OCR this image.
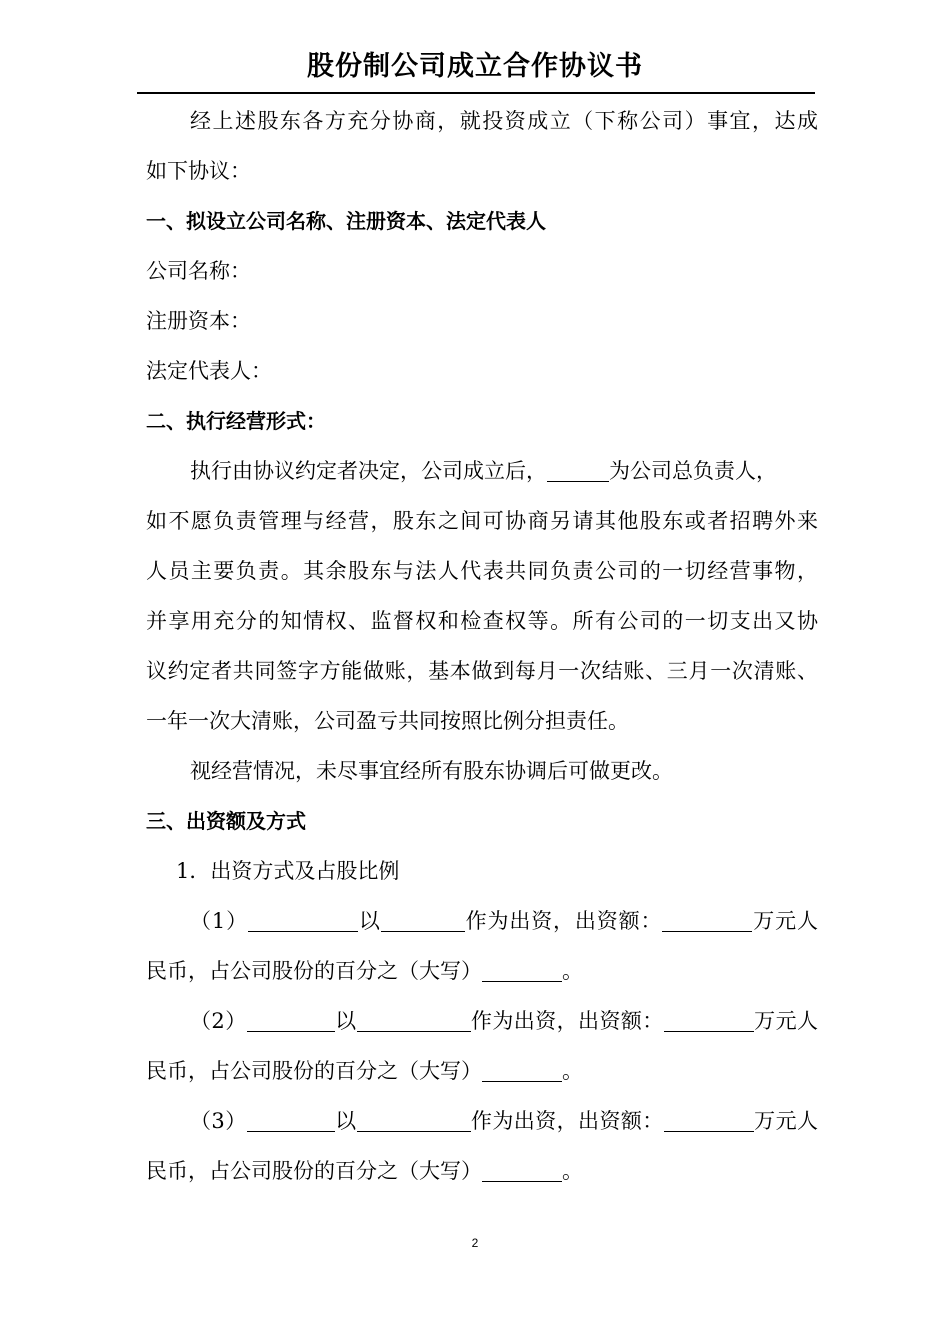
股份制公司成立合作协议书
经上述股东各方充分协商，就投资成立（下称公司）事宜，达成
如下协议：
一、拟设立公司名称、注册资本、法定代表人
公司名称：
注册资本：
法定代表人：
二、执行经营形式：
执行由协议约定者决定，公司成立后，	为公司总负责人，
如不愿负责管理与经营，股东之间可协商另请其他股东或者招聘外来
人员主要负责。其余股东与法人代表共同负责公司的一切经营事物，
并享用充分的知情权、监督权和检查权等。所有公司的一切支出又协
议约定者共同签字方能做账，基本做到每月一次结账、三月一次清账、
一年一次大清账，公司盈亏共同按照比例分担责任。
视经营情况，未尽事宜经所有股东协调后可做更改。
三、出资额及方式
1．出资方式及占股比例
（1）	以	作为出资，出资额：	万元人
民币，占公司股份的百分之（大写）	。
（2）	以	作为出资，出资额：	万元人
民币，占公司股份的百分之（大写）	。
（3）	以	作为出资，出资额：	万元人
民币，占公司股份的百分之（大写）	。
2
